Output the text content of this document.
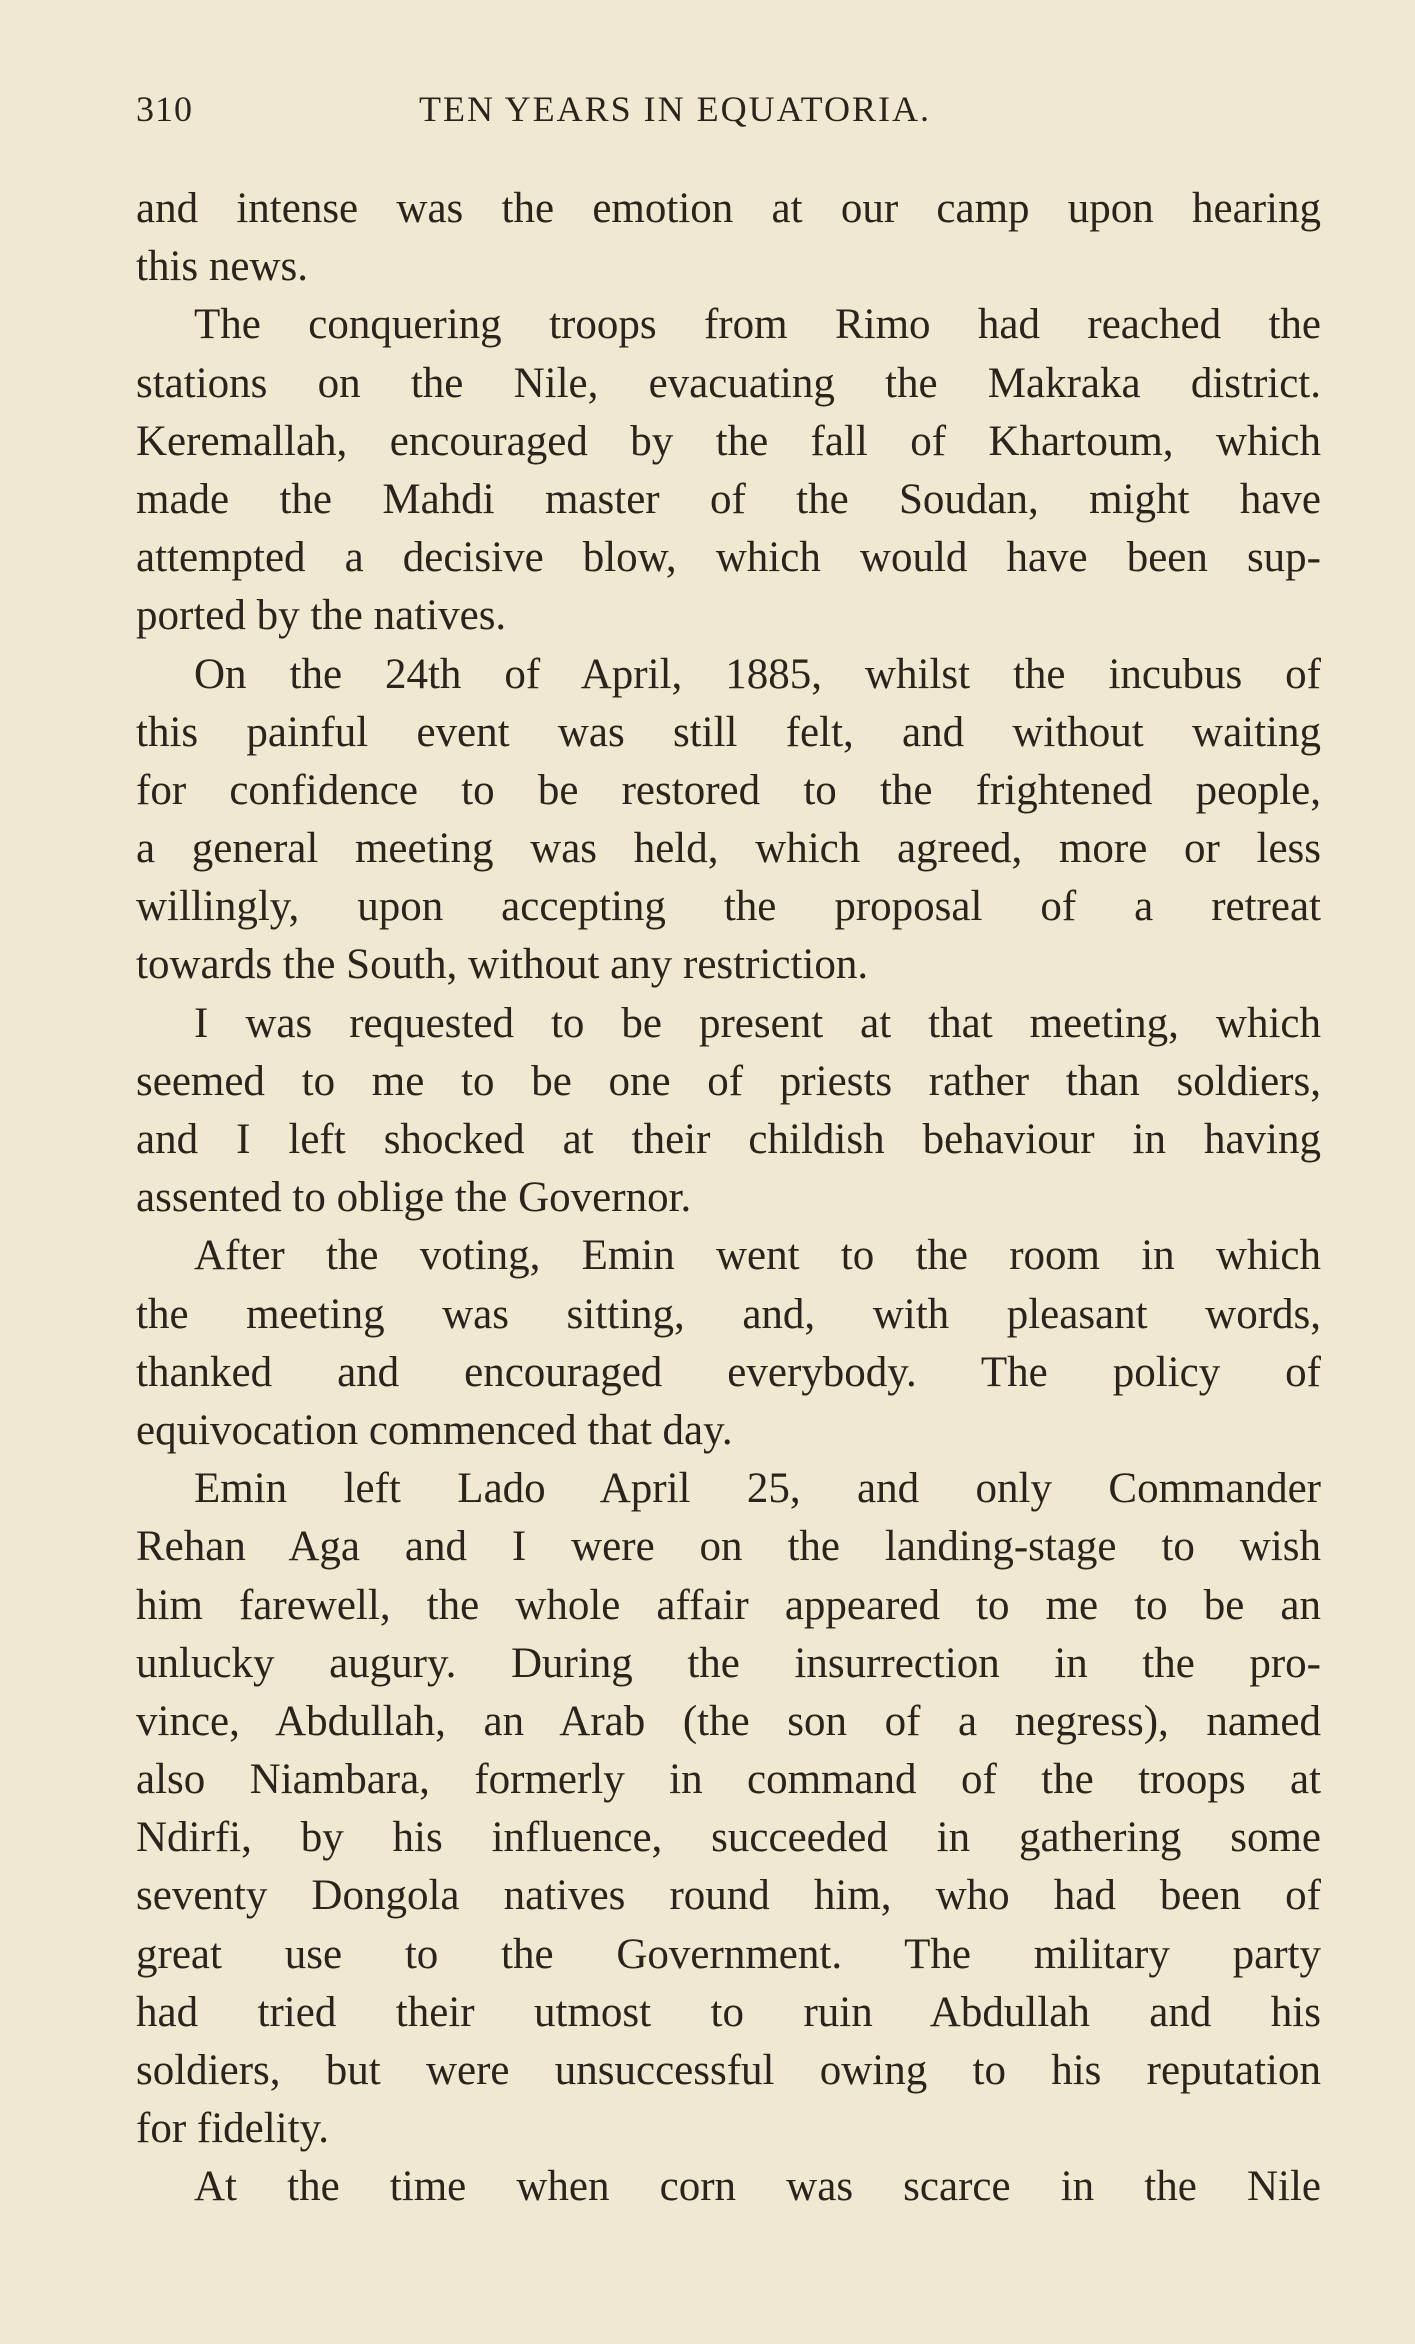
310	TEN YEARS IN EQUATORIA.
and intense was the emotion at our camp upon hearing
this news.
The conquering troops from Rimo had reached the
stations on the Nile, evacuating the Makraka district.
Keremallah, encouraged by the fall of Khartoum, which
made the Mahdi master of the Soudan, might have
attempted a decisive blow, which would have been sup-
ported by the natives.
On the 24th of April, 1885, whilst the incubus of
this painful event was still felt, and without waiting
for confidence to be restored to the frightened people,
a general meeting was held, which agreed, more or less
willingly, upon accepting the proposal of a retreat
towards the South, without any restriction.
I was requested to be present at that meeting, which
seemed to me to be one of priests rather than soldiers,
and I left shocked at their childish behaviour in having
assented to oblige the Governor.
After the voting, Emin went to the room in which
the meeting was sitting, and, with pleasant words,
thanked and encouraged everybody. The policy of
equivocation commenced that day.
Emin left Lado April 25, and only Commander
Rehan Aga and I were on the landing-stage to wish
him farewell, the whole affair appeared to me to be an
unlucky augury. During the insurrection in the pro-
vince, Abdullah, an Arab (the son of a negress), named
also Niambara, formerly in command of the troops at
Ndirfi, by his influence, succeeded in gathering some
seventy Dongola natives round him, who had been of
great use to the Government. The military party
had tried their utmost to ruin Abdullah and his
soldiers, but were unsuccessful owing to his reputation
for fidelity.
At the time when corn was scarce in the Nile
